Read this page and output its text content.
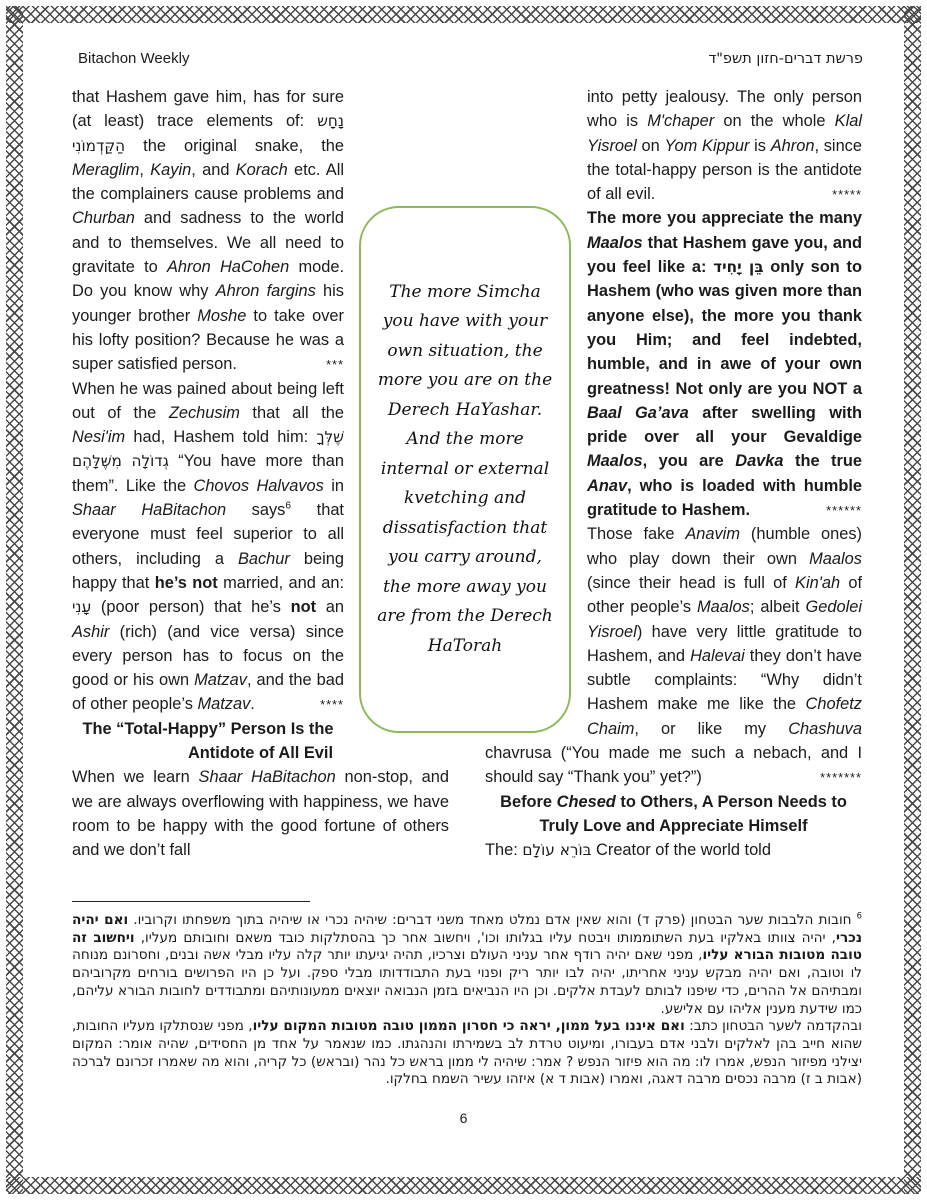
Bitachon Weekly	פרשת דברים-חזון תשפ"ד

that Hashem gave him, has for sure (at least) trace elements of: נָחָש הַקַּדְמוֹנִי the original snake, the Meraglim, Kayin, and Korach etc. All the complainers cause problems and Churban and sadness to the world and to themselves. We all need to gravitate to Ahron HaCohen mode. Do you know why Ahron fargins his younger brother Moshe to take over his lofty position? Because he was a super satisfied person.	***

When he was pained about being left out of the Zechusim that all the Nesi'im had, Hashem told him: שֶׁלְּךָ גְדוֹלָה מִשֶּׁלָּהֶם “You have more than them”. Like the Chovos Halvavos in Shaar HaBitachon says$^6$ that everyone must feel superior to all others, including a Bachur being happy that he’s not married, and an: עָנִי (poor person) that he’s not an Ashir (rich) (and vice versa) since every person has to focus on the good or his own Matzav, and the bad of other people’s Matzav.	****

The “Total-Happy” Person Is the Antidote of All Evil

When we learn Shaar HaBitachon non-stop, and we are always overflowing with happiness, we have room to be happy with the good fortune of others and we don’t fall

into petty jealousy. The only person who is M'chaper on the whole Klal Yisroel on Yom Kippur is Ahron, since the total-happy person is the antidote of all evil.	*****

The more you appreciate the many Maalos that Hashem gave you, and you feel like a: בֵּן יָחִיד only son to Hashem (who was given more than anyone else), the more you thank you Him; and feel indebted, humble, and in awe of your own greatness! Not only are you NOT a Baal Ga’ava after swelling with pride over all your Gevaldige Maalos, you are Davka the true Anav, who is loaded with humble gratitude to Hashem.	******

Those fake Anavim (humble ones) who play down their own Maalos (since their head is full of Kin'ah of other people’s Maalos; albeit Gedolei Yisroel) have very little gratitude to Hashem, and Halevai they don’t have subtle complaints: “Why didn’t Hashem make me like the Chofetz Chaim, or like my Chashuva chavrusa (“You made me such a nebach, and I should say “Thank you” yet?”)	*******

Before Chesed to Others, A Person Needs to Truly Love and Appreciate Himself

The: בּוֹרֵא עוֹלָם Creator of the world told

The more Simcha you have with your own situation, the more you are on the Derech HaYashar. And the more internal or external kvetching and dissatisfaction that you carry around, the more away you are from the Derech HaTorah

$^6$ חובות הלבבות שער הבטחון (פרק ד) והוא שאין אדם נמלט מאחד משני דברים: שיהיה נכרי או שיהיה בתוך משפחתו וקרוביו. ואם יהיה נכרי, יהיה צוותו באלקיו בעת השתוממותו ויבטח עליו בגלותו וכו', ויחשוב אחר כך בהסתלקות כובד משאם וחובותם מעליו, ויחשוב זה טובה מטובות הבורא עליו, מפני שאם יהיה רודף אחר עניני העולם וצרכיו, תהיה יגיעתו יותר קלה עליו מבלי אשה ובנים, וחסרונם מנוחה לו וטובה, ואם יהיה מבקש עניני אחריתו, יהיה לבו יותר ריק ופנוי בעת התבודדותו מבלי ספק. ועל כן היו הפרושים בורחים מקרוביהם ומבתיהם אל ההרים, כדי שיפנו לבותם לעבדת אלקים. וכן היו הנביאים בזמן הנבואה יוצאים ממעונותיהם ומתבודדים לחובות הבורא עליהם, כמו שידעת מענין אליהו עם אלישע.

ובהקדמה לשער הבטחון כתב: ואם איננו בעל ממון, יראה כי חסרון הממון טובה מטובות המקום עליו, מפני שנסתלקו מעליו החובות, שהוא חייב בהן לאלקים ולבני אדם בעבורו, ומיעוט טרדת לב בשמירתו והנהגתו. כמו שנאמר על אחד מן החסידים, שהיה אומר: המקום יצילני מפיזור הנפש, אמרו לו: מה הוא פיזור הנפש ? אמר: שיהיה לי ממון בראש כל נהר (ובראש) כל קריה, והוא מה שאמרו זכרונם לברכה (אבות ב ז) מרבה נכסים מרבה דאגה, ואמרו (אבות ד א) איזהו עשיר השמח בחלקו.

6
